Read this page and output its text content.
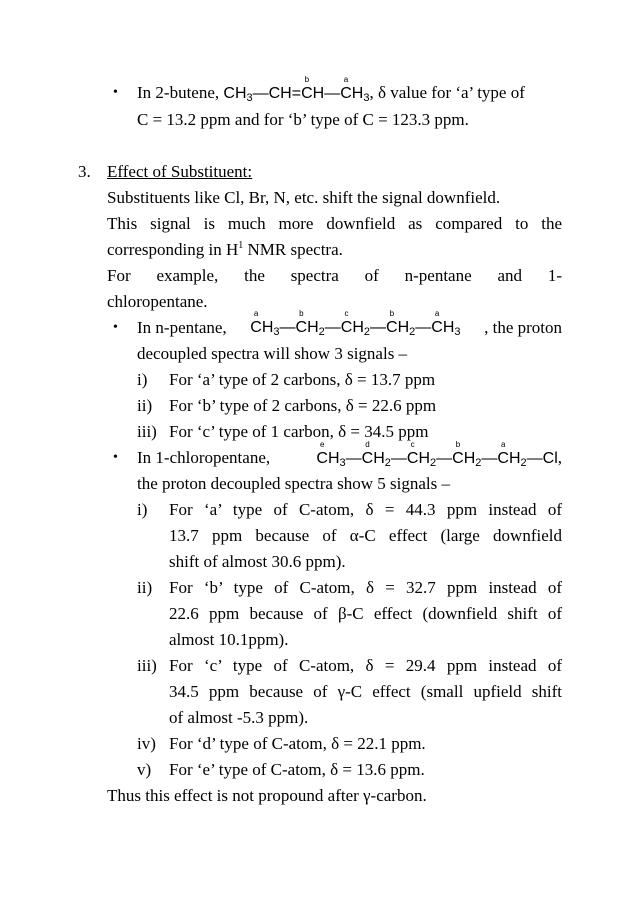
• In 2-butene, $CH_3—CH=C$
b
H—C
a
$H_3$, δ value for ‘a’ type of
C = 13.2 ppm and for ‘b’ type of C = 123.3 ppm.
3. Effect of Substituent:
Substituents like Cl, Br, N, etc. shift the signal downfield.
This signal is much more downfield as compared to the
corresponding in $H^1$ NMR spectra.
For example, the spectra of n-pentane and 1-
chloropentane.
• In n-pentane, C
a
$H_3—C$
b
$H_2—C$
c
$H_2—C$
b
$H_2—C$
a
$H_3$ , the proton
decoupled spectra will show 3 signals –
i) For ‘a’ type of 2 carbons, δ = 13.7 ppm
ii) For ‘b’ type of 2 carbons, δ = 22.6 ppm
iii) For ‘c’ type of 1 carbon, δ = 34.5 ppm
• In 1-chloropentane,	C
e
$H_3—C$
d
$H_2—C$
c
$H_2—C$
b
$H_2—C$
a
$H_2—Cl$,
the proton decoupled spectra show 5 signals –
i) For ‘a’ type of C-atom, δ = 44.3 ppm instead of
13.7 ppm because of α-C effect (large downfield
shift of almost 30.6 ppm).
ii) For ‘b’ type of C-atom, δ = 32.7 ppm instead of
22.6 ppm because of β-C effect (downfield shift of
almost 10.1ppm).
iii) For ‘c’ type of C-atom, δ = 29.4 ppm instead of
34.5 ppm because of γ-C effect (small upfield shift
of almost -5.3 ppm).
iv) For ‘d’ type of C-atom, δ = 22.1 ppm.
v) For ‘e’ type of C-atom, δ = 13.6 ppm.
Thus this effect is not propound after γ-carbon.
